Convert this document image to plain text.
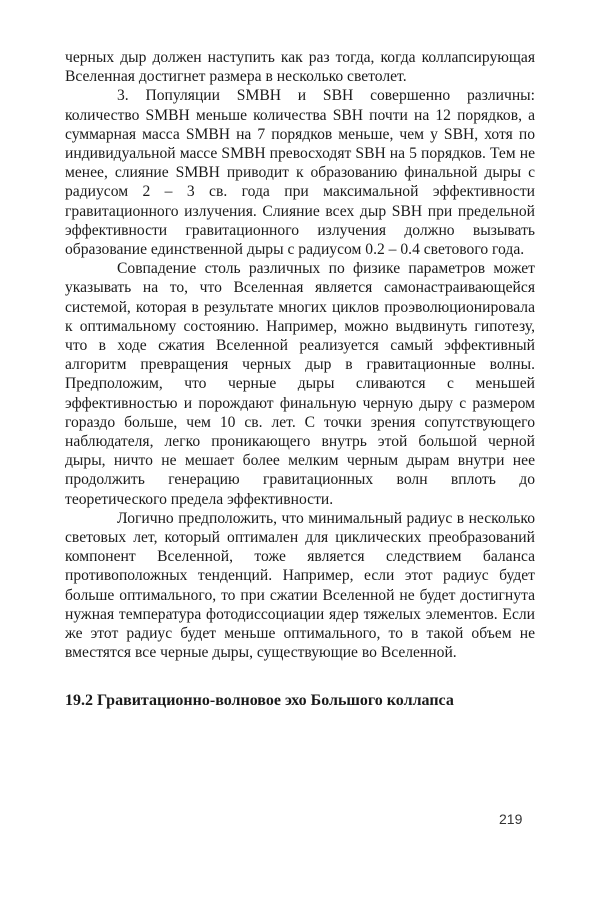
черных дыр должен наступить как раз тогда, когда коллапсирующая Вселенная достигнет размера в несколько светолет.

3. Популяции SMBH и SBH совершенно различны: количество SMBH меньше количества SBH почти на 12 порядков, а суммарная масса SMBH на 7 порядков меньше, чем у SBH, хотя по индивидуальной массе SMBH превосходят SBH на 5 порядков. Тем не менее, слияние SMBH приводит к образованию финальной дыры с радиусом 2 – 3 св. года при максимальной эффективности гравитационного излучения. Слияние всех дыр SBH при предельной эффективности гравитационного излучения должно вызывать образование единственной дыры с радиусом 0.2 – 0.4 светового года.

Совпадение столь различных по физике параметров может указывать на то, что Вселенная является самонастраивающейся системой, которая в результате многих циклов проэволюционировала к оптимальному состоянию. Например, можно выдвинуть гипотезу, что в ходе сжатия Вселенной реализуется самый эффективный алгоритм превращения черных дыр в гравитационные волны. Предположим, что черные дыры сливаются с меньшей эффективностью и порождают финальную черную дыру с размером гораздо больше, чем 10 св. лет. С точки зрения сопутствующего наблюдателя, легко проникающего внутрь этой большой черной дыры, ничто не мешает более мелким черным дырам внутри нее продолжить генерацию гравитационных волн вплоть до теоретического предела эффективности.

Логично предположить, что минимальный радиус в несколько световых лет, который оптимален для циклических преобразований компонент Вселенной, тоже является следствием баланса противоположных тенденций. Например, если этот радиус будет больше оптимального, то при сжатии Вселенной не будет достигнута нужная температура фотодиссоциации ядер тяжелых элементов. Если же этот радиус будет меньше оптимального, то в такой объем не вместятся все черные дыры, существующие во Вселенной.

19.2 Гравитационно-волновое эхо Большого коллапса
219
